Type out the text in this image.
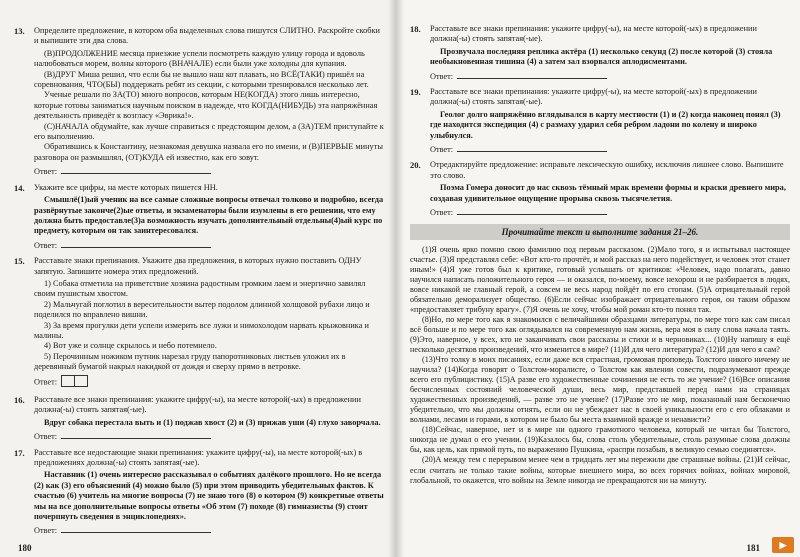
13. Определите предложение, в котором оба выделенных слова пишутся СЛИТНО. Раскройте скобки и выпишите эти два слова.

(В)ПРОДОЛЖЕНИЕ месяца приезжие успели посмотреть каждую улицу города и вдоволь налюбоваться морем, волны которого (ВНАЧАЛЕ) если были уже холодны для купания.

(В)ДРУГ Миша решил, что если бы не вышло наш кот плавать, но ВСЁ(ТАКИ) пришёл на соревнования, ЧТО(БЫ) поддержать ребят из секции, с которыми тренировался несколько лет.

Ученые решали по ЗА(ТО) много вопросов, которым НЕ(КОГДА) этого лишь интересно, которые готовы заниматься научным поиском в надежде, что КОГДА(НИБУДЬ) эта напряжённая деятельность приведёт к возгласу «Эврика!».

(С)НАЧАЛА обдумайте, как лучше справиться с предстоящим делом, а (ЗА)ТЕМ приступайте к его выполнению.

Обратившись к Константину, незнакомая девушка назвала его по имени, и (В)ПЕРВЫЕ минуты разговора он размышлял, (ОТ)КУДА ей известно, как его зовут.

Ответ:
14. Укажите все цифры, на месте которых пишется НН.

Смышлё(1)ый ученик на все самые сложные вопросы отвечал толково и подробно, всегда развёрнутые законче(2)ые ответы, и экзаменаторы были изумлены в его решении, что ему должна быть предоставле(3)а возможность изучать дополнительный отдельны(4)ый курс по предмету, которым он так заинтересовался.

Ответ:
15. Расставьте знаки препинания. Укажите два предложения, в которых нужно поставить ОДНУ запятую. Запишите номера этих предложений.

1) Собака отметила на приветствие хозяина радостным громким лаем и энергично завилял своим пушистым хвостом.

2) Мальчугай поглотил в вересительности вытер подолом длинной холщовой рубахи лицо и поделился по вправлено вишни.

3) За время прогулки дети успели измерить все лужи и нимохолодом нарвать крыжовника и малины.

4) Вот уже и солнце скрылось и небо потемнело.

5) Перочинным ножиком путник нарезал груду папоротниковых листьев уложил их в деревянный бумагой накрыл накидкой от дождя и сверху прямо в ветровке.

Ответ:
16. Расставьте все знаки препинания: укажите цифру(-ы), на месте которой(-ых) в предложении должна(-ы) стоять запятая(-ые).

Вдруг собака перестала выть и (1) поджав хвост (2) и (3) прижав уши (4) глухо заворчала.

Ответ:
17. Расставьте все недостающие знаки препинания: укажите цифру(-ы), на месте которой(-ых) в предложениях должна(-ы) стоять запятая(-ые).

Наставник (1) очень интересно рассказывал о событиях далёкого прошлого. Но не всегда (2) как (3) его объяснений (4) можно было (5) при этом приводить убедительных фактов. К счастью (6) учитель на многие вопросы (7) не знаю того (8) о котором (9) конкретные ответы мы на все дополнительные вопросы ответы «Об этом (7) походе (8) гимназисты (9) стоит почерпнуть сведения в энциклопедиях».

Ответ:
180
18. Расставьте все знаки препинания: укажите цифру(-ы), на месте которой(-ых) в предложении должна(-ы) стоять запятая(-ые).

Прозвучала последняя реплика актёра (1) несколько секунд (2) после которой (3) стояла необыкновенная тишина (4) а затем зал взорвался аплодисментами.

Ответ:
19. Расставьте все знаки препинания: укажите цифру(-ы), на месте которой(-ых) в предложении должна(-ы) стоять запятая(-ые).

Геолог долго напряжённо вглядывался в карту местности (1) и (2) когда наконец понял (3) где находится экспедиция (4) с размаху ударил себя ребром ладони по колену и широко улыбнулся.

Ответ:
20. Отредактируйте предложение: исправьте лексическую ошибку, исключив лишнее слово. Выпишите это слово.

Поэма Гомера доносит до нас сквозь тёмный мрак времени формы и краски древнего мира, создавая удивительное ощущение прорыва сквозь тысячелетия.

Ответ:
Прочитайте текст и выполните задания 21–26.

(1)Я очень ярко помню свою фамилию под первым рассказом. (2)Мало того, я и испытывал настоящее счастье. (3)Я представлял себе: «Вот кто-то прочтёт, и мой рассказ на него подействует, и человек этот станет иным!» (4)Я уже готов был к критике, готовый услышать от критиков: «Человек, надо полагать, давно научился написать положительного героя — и оказался, по-моему, вовсе нехорош и не разбирается в людях, вовсе никакой не главный герой, а совсем не весь народ пойдёт по его стопам. (5)А отрицательный герой обязательно деморализует общество. (6)Если сейчас изображает отрицательного героя, он таким образом «предоставляет трибуну врагу». (7)Я очень не хочу, чтобы мой роман кто-то понял так.

(8)Но, по мере того как я знакомился с величайшими образцами литературы, по мере того как сам писал всё больше и по мере того как оглядывался на современную нам жизнь, вера моя в силу слова начала таять. (9)Это, наверное, у всех, кто не заканчивать свои рассказы и стихи и в черновиках... (10)Ну напишу я ещё несколько десятков произведений, что изменится в мире? (11)И для чего литература? (12)И для чего я сам?

(13)Что толку в моих писаниях, если даже вся страстная, громовая проповедь Толстого никого ничему не научила? (14)Когда говорят о Толстом-моралисте, о Толстом как явлении совести, подразумевают прежде всего его публицистику. (15)А разве его художественные сочинения не есть то же учение? (16)Все описания бесчисленных состояний человеческой души, весь мир, представшей перед нами на страницах художественных произведений, — разве это не учение? (17)Разве это не мир, показанный нам бесконечно убедительно, что мы должны отнять, если он не убеждает нас в своей уникальности его с его облаками и волнами, лесами и горами, в котором не было бы места взаимной вражде и ненависти?

(18)Сейчас, наверное, нет и в мире ни одного грамотного человека, который не читал бы Толстого, никогда не думал о его учении. (19)Казалось бы, слова столь убедительные, столь разумные слова должны бы, как цель, как прямой путь, по выражению Пушкина, «распри позабыв, в великую семью соединятся».

(20)А между тем с перерывом менее чем в тридцать лет мы пережили две страшные войны. (21)И сейчас, если считать не только такие войны, которые внешнего мира, во всех горячих войнах, войнах мировой, глобальной, то окажется, что войны на Земле никогда не прекращаются ни на минуту.

181	▶
